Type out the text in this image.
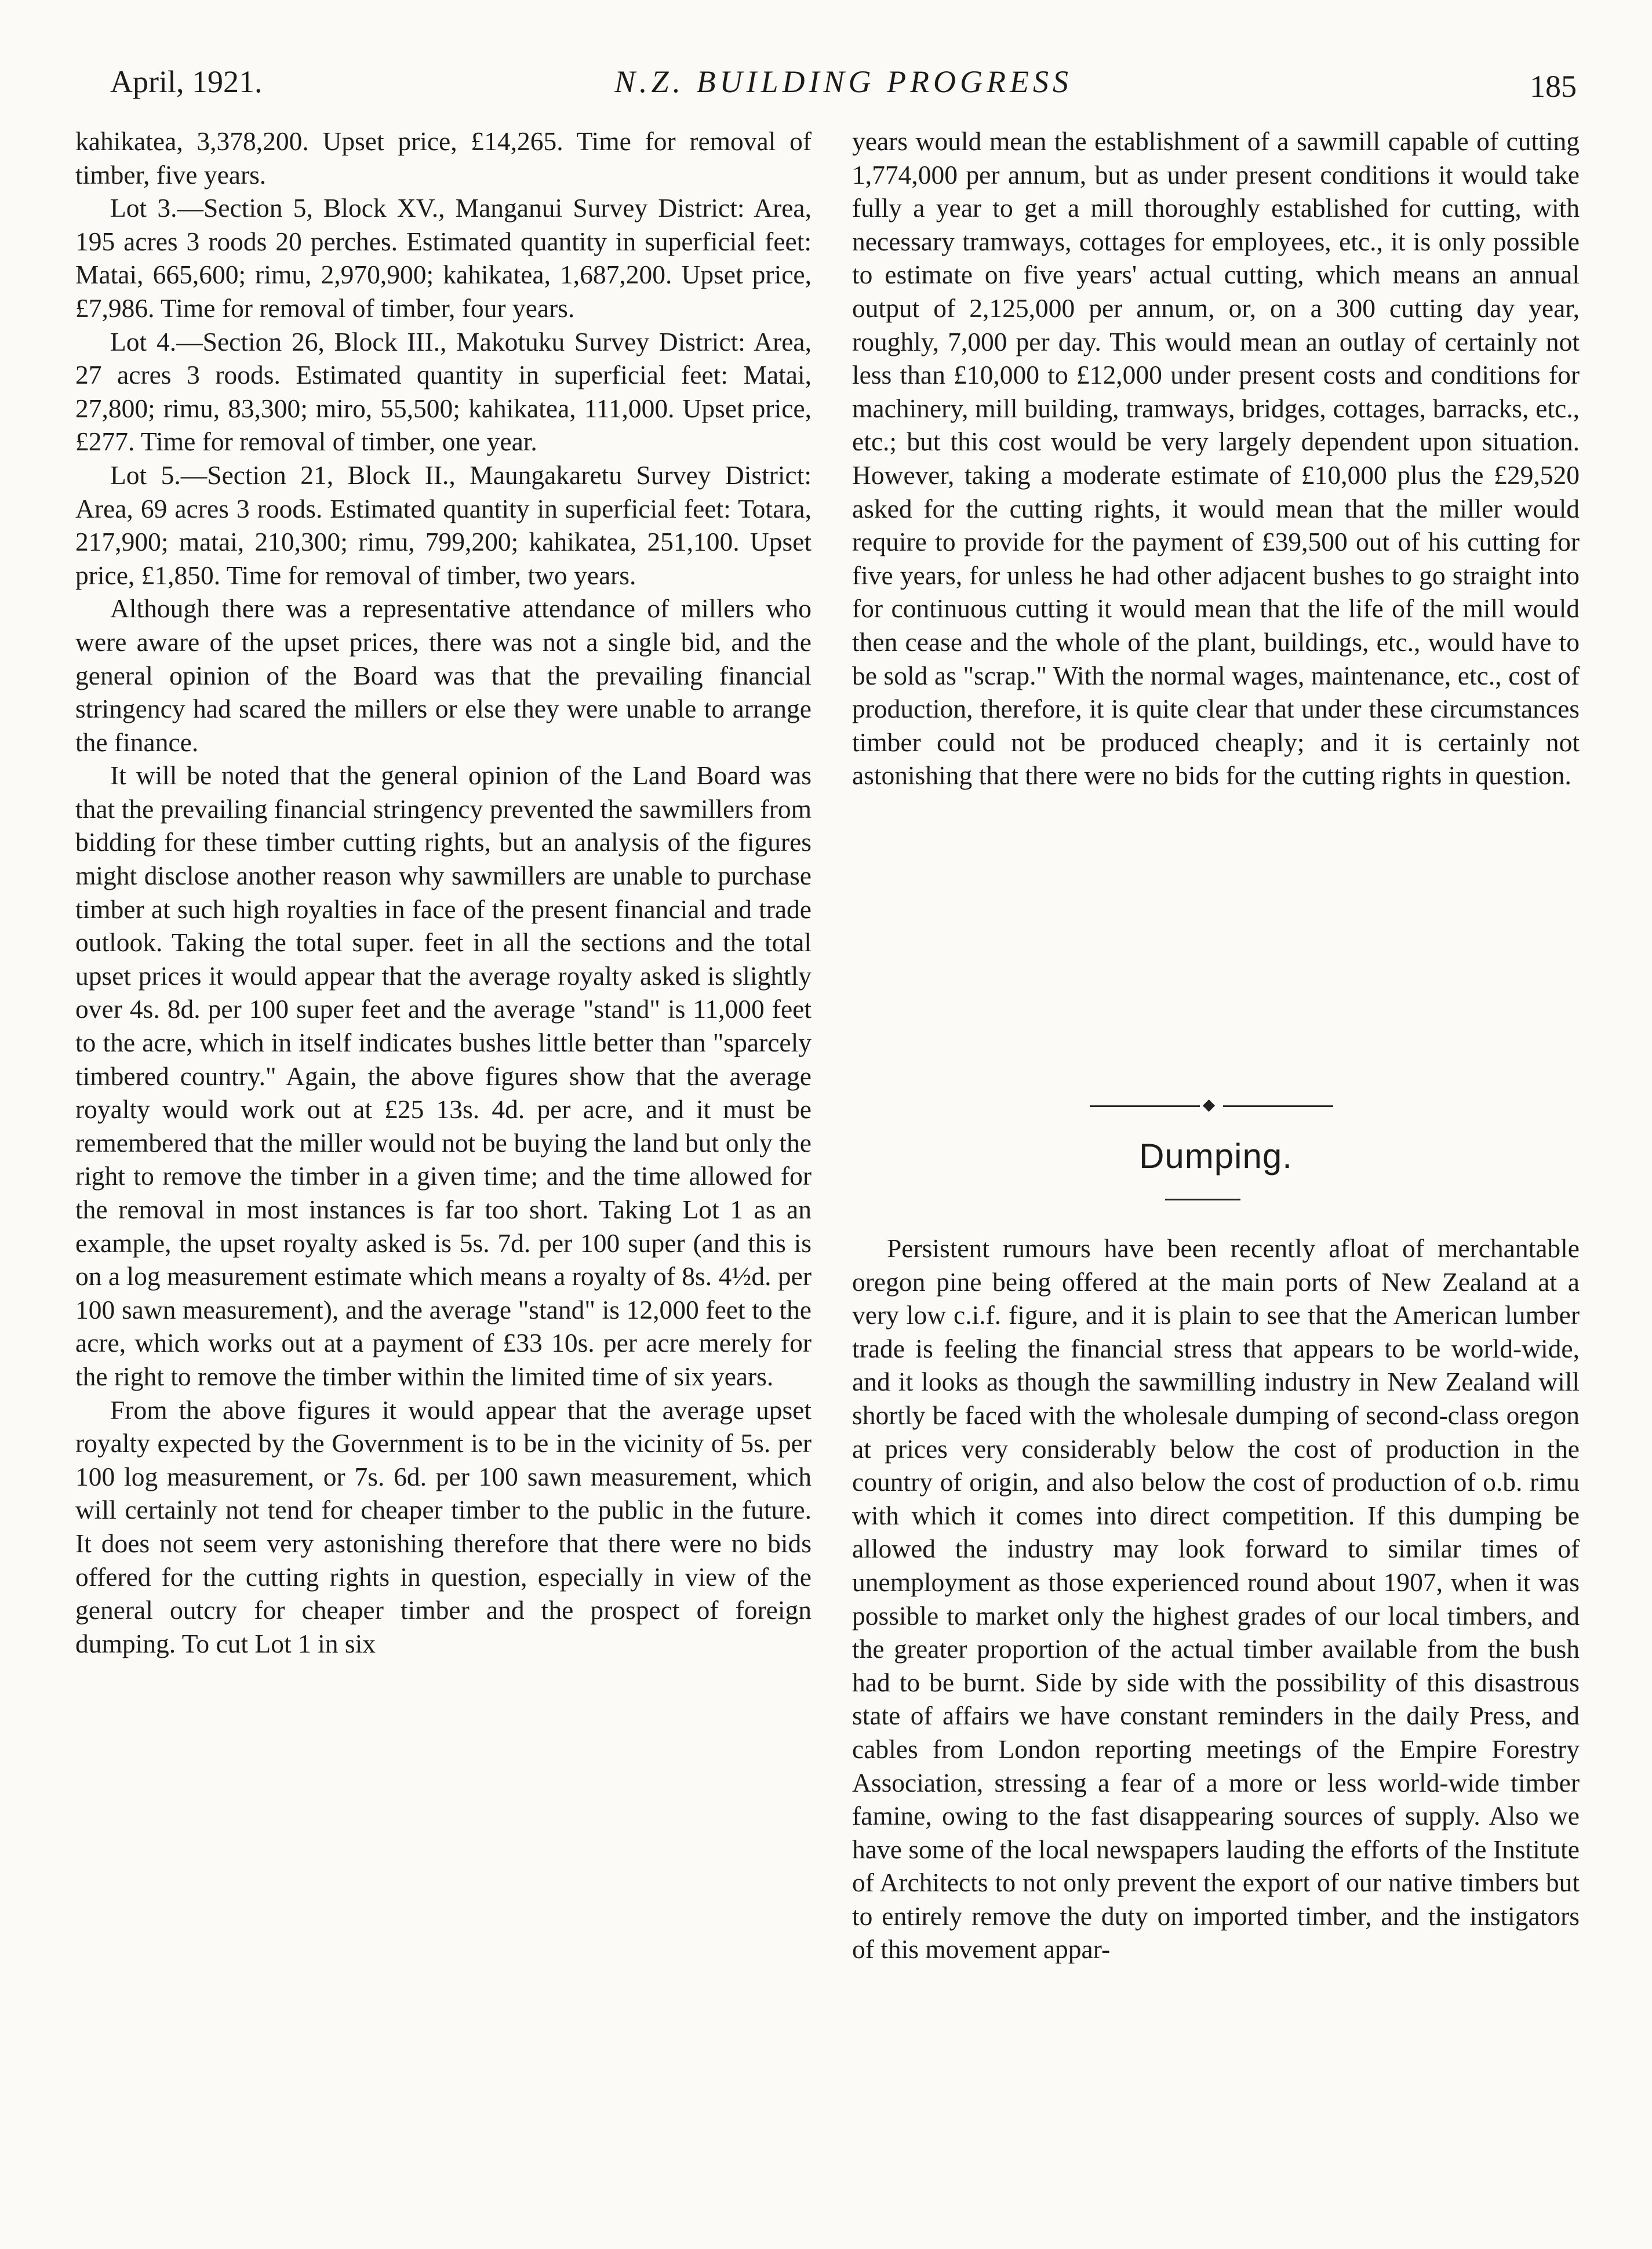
April, 1921.	N.Z. BUILDING PROGRESS	185

kahikatea, 3,378,200. Upset price, £14,265. Time for removal of timber, five years.

Lot 3.—Section 5, Block XV., Manganui Survey District: Area, 195 acres 3 roods 20 perches. Estimated quantity in superficial feet: Matai, 665,600; rimu, 2,970,900; kahikatea, 1,687,200. Upset price, £7,986. Time for removal of timber, four years.

Lot 4.—Section 26, Block III., Makotuku Survey District: Area, 27 acres 3 roods. Estimated quantity in superficial feet: Matai, 27,800; rimu, 83,300; miro, 55,500; kahikatea, 111,000. Upset price, £277. Time for removal of timber, one year.

Lot 5.—Section 21, Block II., Maungakaretu Survey District: Area, 69 acres 3 roods. Estimated quantity in superficial feet: Totara, 217,900; matai, 210,300; rimu, 799,200; kahikatea, 251,100. Upset price, £1,850. Time for removal of timber, two years.

Although there was a representative attendance of millers who were aware of the upset prices, there was not a single bid, and the general opinion of the Board was that the prevailing financial stringency had scared the millers or else they were unable to arrange the finance.

It will be noted that the general opinion of the Land Board was that the prevailing financial stringency prevented the sawmillers from bidding for these timber cutting rights, but an analysis of the figures might disclose another reason why sawmillers are unable to purchase timber at such high royalties in face of the present financial and trade outlook. Taking the total super. feet in all the sections and the total upset prices it would appear that the average royalty asked is slightly over 4s. 8d. per 100 super feet and the average "stand" is 11,000 feet to the acre, which in itself indicates bushes little better than "sparcely timbered country." Again, the above figures show that the average royalty would work out at £25 13s. 4d. per acre, and it must be remembered that the miller would not be buying the land but only the right to remove the timber in a given time; and the time allowed for the removal in most instances is far too short. Taking Lot 1 as an example, the upset royalty asked is 5s. 7d. per 100 super (and this is on a log measurement estimate which means a royalty of 8s. 4½d. per 100 sawn measurement), and the average "stand" is 12,000 feet to the acre, which works out at a payment of £33 10s. per acre merely for the right to remove the timber within the limited time of six years.

From the above figures it would appear that the average upset royalty expected by the Government is to be in the vicinity of 5s. per 100 log measurement, or 7s. 6d. per 100 sawn measurement, which will certainly not tend for cheaper timber to the public in the future. It does not seem very astonishing therefore that there were no bids offered for the cutting rights in question, especially in view of the general outcry for cheaper timber and the prospect of foreign dumping. To cut Lot 1 in six

years would mean the establishment of a sawmill capable of cutting 1,774,000 per annum, but as under present conditions it would take fully a year to get a mill thoroughly established for cutting, with necessary tramways, cottages for employees, etc., it is only possible to estimate on five years' actual cutting, which means an annual output of 2,125,000 per annum, or, on a 300 cutting day year, roughly, 7,000 per day. This would mean an outlay of certainly not less than £10,000 to £12,000 under present costs and conditions for machinery, mill building, tramways, bridges, cottages, barracks, etc., etc.; but this cost would be very largely dependent upon situation. However, taking a moderate estimate of £10,000 plus the £29,520 asked for the cutting rights, it would mean that the miller would require to provide for the payment of £39,500 out of his cutting for five years, for unless he had other adjacent bushes to go straight into for continuous cutting it would mean that the life of the mill would then cease and the whole of the plant, buildings, etc., would have to be sold as "scrap." With the normal wages, maintenance, etc., cost of production, therefore, it is quite clear that under these circumstances timber could not be produced cheaply; and it is certainly not astonishing that there were no bids for the cutting rights in question.

Dumping.

Persistent rumours have been recently afloat of merchantable oregon pine being offered at the main ports of New Zealand at a very low c.i.f. figure, and it is plain to see that the American lumber trade is feeling the financial stress that appears to be world-wide, and it looks as though the sawmilling industry in New Zealand will shortly be faced with the wholesale dumping of second-class oregon at prices very considerably below the cost of production in the country of origin, and also below the cost of production of o.b. rimu with which it comes into direct competition. If this dumping be allowed the industry may look forward to similar times of unemployment as those experienced round about 1907, when it was possible to market only the highest grades of our local timbers, and the greater proportion of the actual timber available from the bush had to be burnt. Side by side with the possibility of this disastrous state of affairs we have constant reminders in the daily Press, and cables from London reporting meetings of the Empire Forestry Association, stressing a fear of a more or less world-wide timber famine, owing to the fast disappearing sources of supply. Also we have some of the local newspapers lauding the efforts of the Institute of Architects to not only prevent the export of our native timbers but to entirely remove the duty on imported timber, and the instigators of this movement appar-
